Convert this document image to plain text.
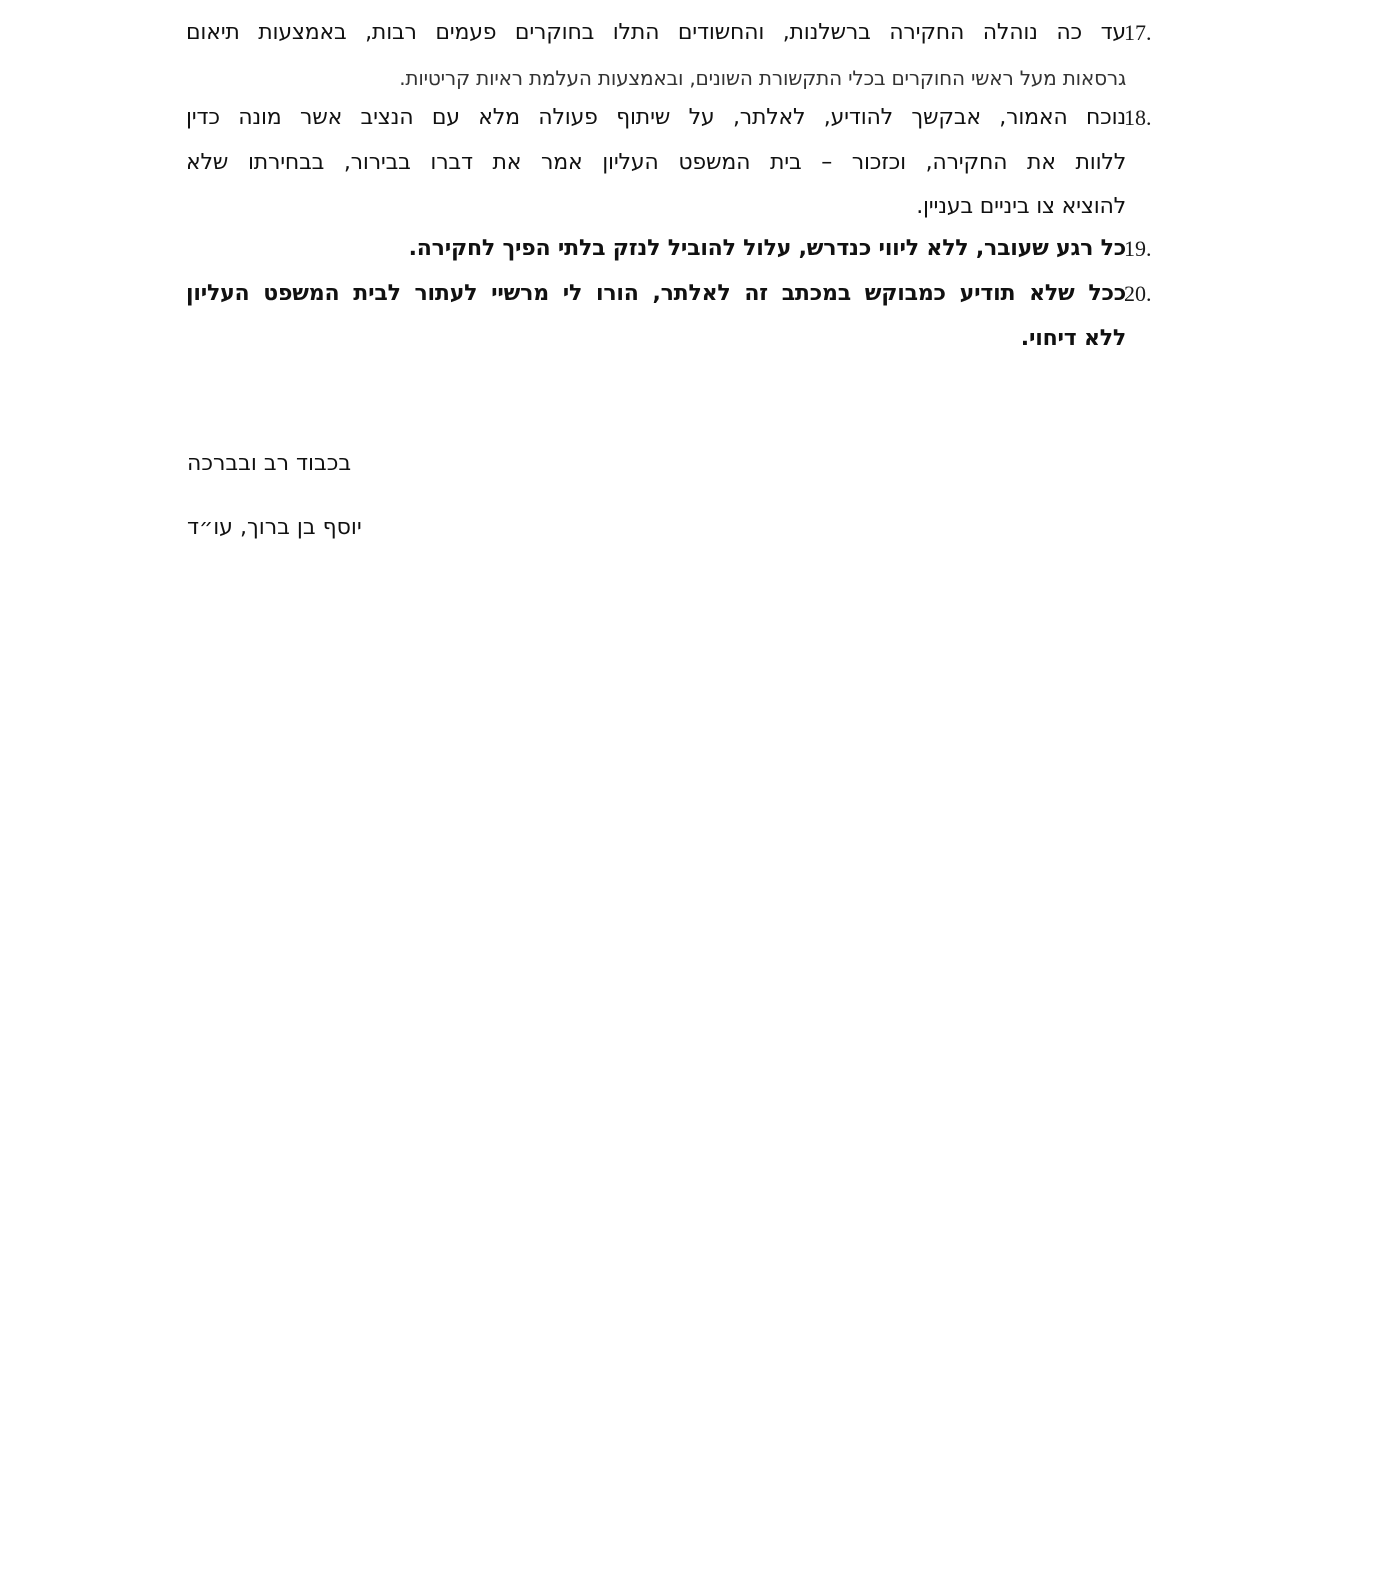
17.
עד כה נוהלה החקירה ברשלנות, והחשודים התלו בחוקרים פעמים רבות, באמצעות תיאום
גרסאות מעל ראשי החוקרים בכלי התקשורת השונים, ובאמצעות העלמת ראיות קריטיות.
18.
נוכח האמור, אבקשך להודיע, לאלתר, על שיתוף פעולה מלא עם הנציב אשר מונה כדין
ללוות את החקירה, וכזכור – בית המשפט העליון אמר את דברו בבירור, בבחירתו שלא
להוציא צו ביניים בעניין.
19.
כל רגע שעובר, ללא ליווי כנדרש, עלול להוביל לנזק בלתי הפיך לחקירה.
20.
ככל שלא תודיע כמבוקש במכתב זה לאלתר, הורו לי מרשיי לעתור לבית המשפט העליון
ללא דיחוי.
בכבוד רב ובברכה
יוסף בן ברוך, עו״ד
